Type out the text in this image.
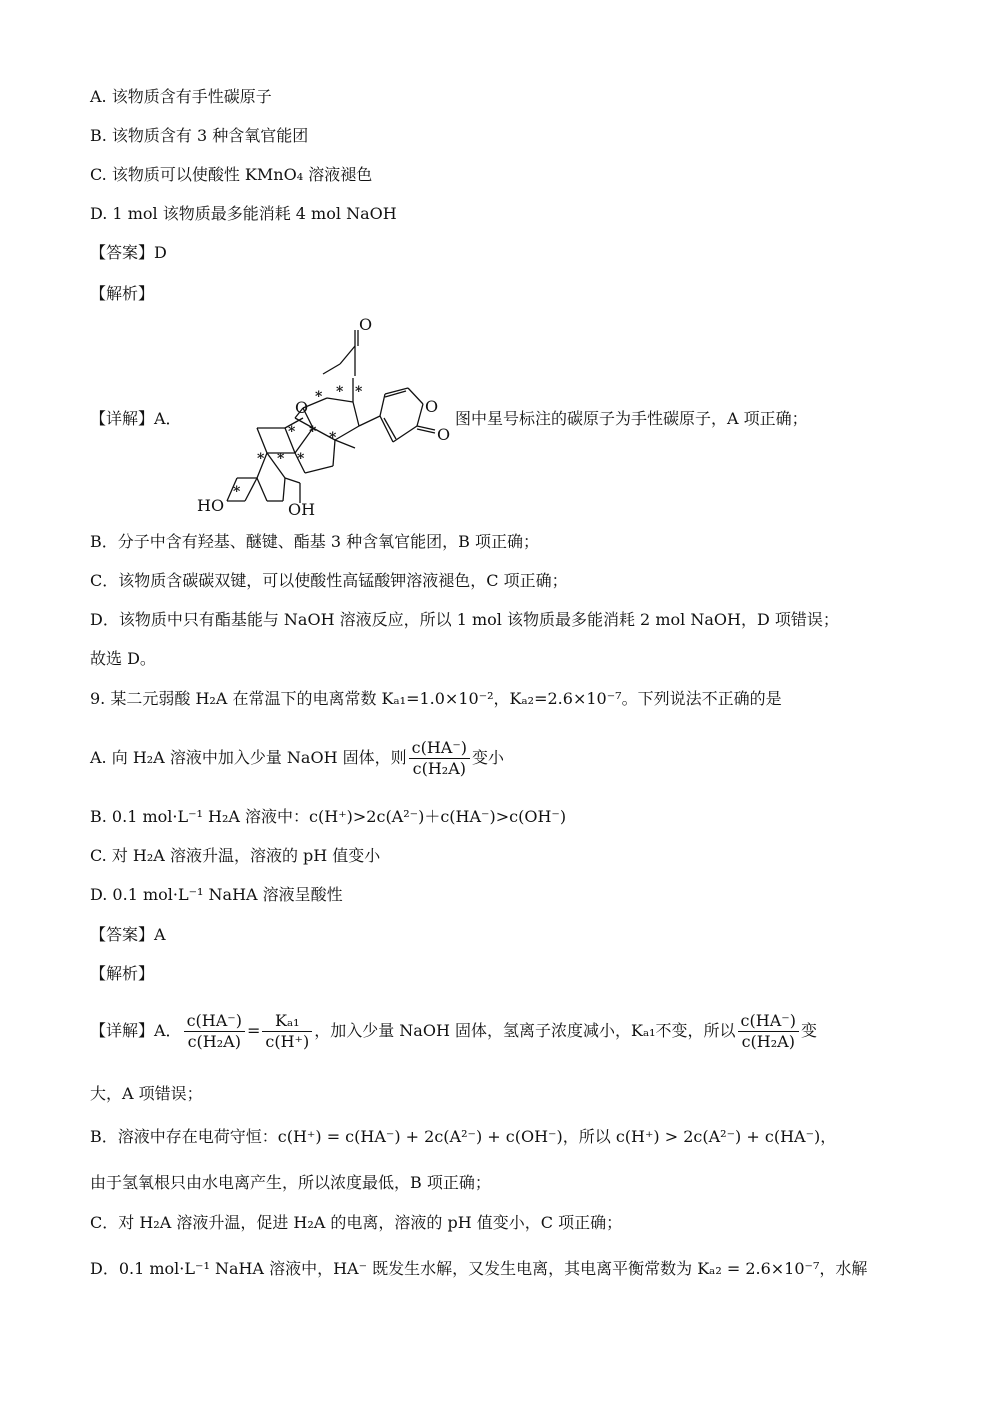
A. 该物质含有手性碳原子
B. 该物质含有 3 种含氧官能团
C. 该物质可以使酸性 KMnO₄ 溶液褪色
D. 1 mol 该物质最多能消耗 4 mol NaOH
【答案】D
【解析】
【详解】A．
O
O	O
O
HO	OH
* * *
*
* *
* * *
*
图中星号标注的碳原子为手性碳原子，A 项正确；
B．分子中含有羟基、醚键、酯基 3 种含氧官能团，B 项正确；
C．该物质含碳碳双键，可以使酸性高锰酸钾溶液褪色，C 项正确；
D．该物质中只有酯基能与 NaOH 溶液反应，所以 1 mol 该物质最多能消耗 2 mol NaOH，D 项错误；
故选 D。
9. 某二元弱酸 H₂A 在常温下的电离常数 Kₐ₁=1.0×10⁻²，Kₐ₂=2.6×10⁻⁷。下列说法不正确的是
A. 向 H₂A 溶液中加入少量 NaOH 固体，则 $\frac{c(HA^-)}{\text{c(H₂A)}}$ 变小
B. 0.1 mol·L⁻¹ H₂A 溶液中：c(H⁺)>2c(A²⁻)＋c(HA⁻)>c(OH⁻)
C. 对 H₂A 溶液升温，溶液的 pH 值变小
D. 0.1 mol·L⁻¹ NaHA 溶液呈酸性
【答案】A
【解析】
【详解】A． $\frac{c(HA^-)}{\text{c(H₂A)}} = \frac{\text{Kₐ₁}}{c(H^+)}$ ，加入少量 NaOH 固体，氢离子浓度减小，Kₐ₁不变，所以 $\frac{c(HA^-)}{\text{c(H₂A)}}$ 变
大，A 项错误；
B．溶液中存在电荷守恒：c(H⁺) = c(HA⁻) + 2c(A²⁻) + c(OH⁻)，所以 c(H⁺) > 2c(A²⁻) + c(HA⁻)，
由于氢氧根只由水电离产生，所以浓度最低，B 项正确；
C．对 H₂A 溶液升温，促进 H₂A 的电离，溶液的 pH 值变小，C 项正确；
D．0.1 mol·L⁻¹ NaHA 溶液中，HA⁻ 既发生水解，又发生电离，其电离平衡常数为 Kₐ₂ = 2.6×10⁻⁷，水解
